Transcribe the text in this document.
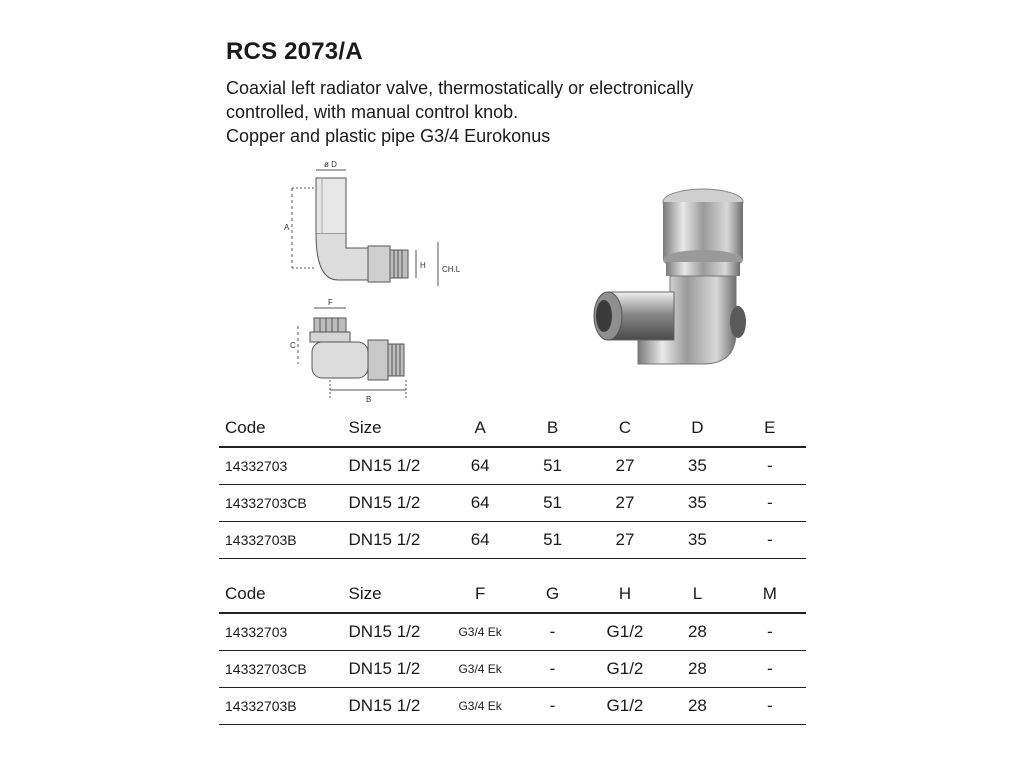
RCS 2073/A
Coaxial left radiator valve, thermostatically or electronically
controlled, with manual control knob.
Copper and plastic pipe G3/4 Eurokonus
ø D
A
H CH.L
F
C
B
Code	Size	A	B	C	D	E
14332703	DN15 1/2	64	51	27	35	-
14332703CB	DN15 1/2	64	51	27	35	-
14332703B	DN15 1/2	64	51	27	35	-
Code	Size	F	G	H	L	M
14332703	DN15 1/2	G3/4 Ek	-	G1/2	28	-
14332703CB	DN15 1/2	G3/4 Ek	-	G1/2	28	-
14332703B	DN15 1/2	G3/4 Ek	-	G1/2	28	-
